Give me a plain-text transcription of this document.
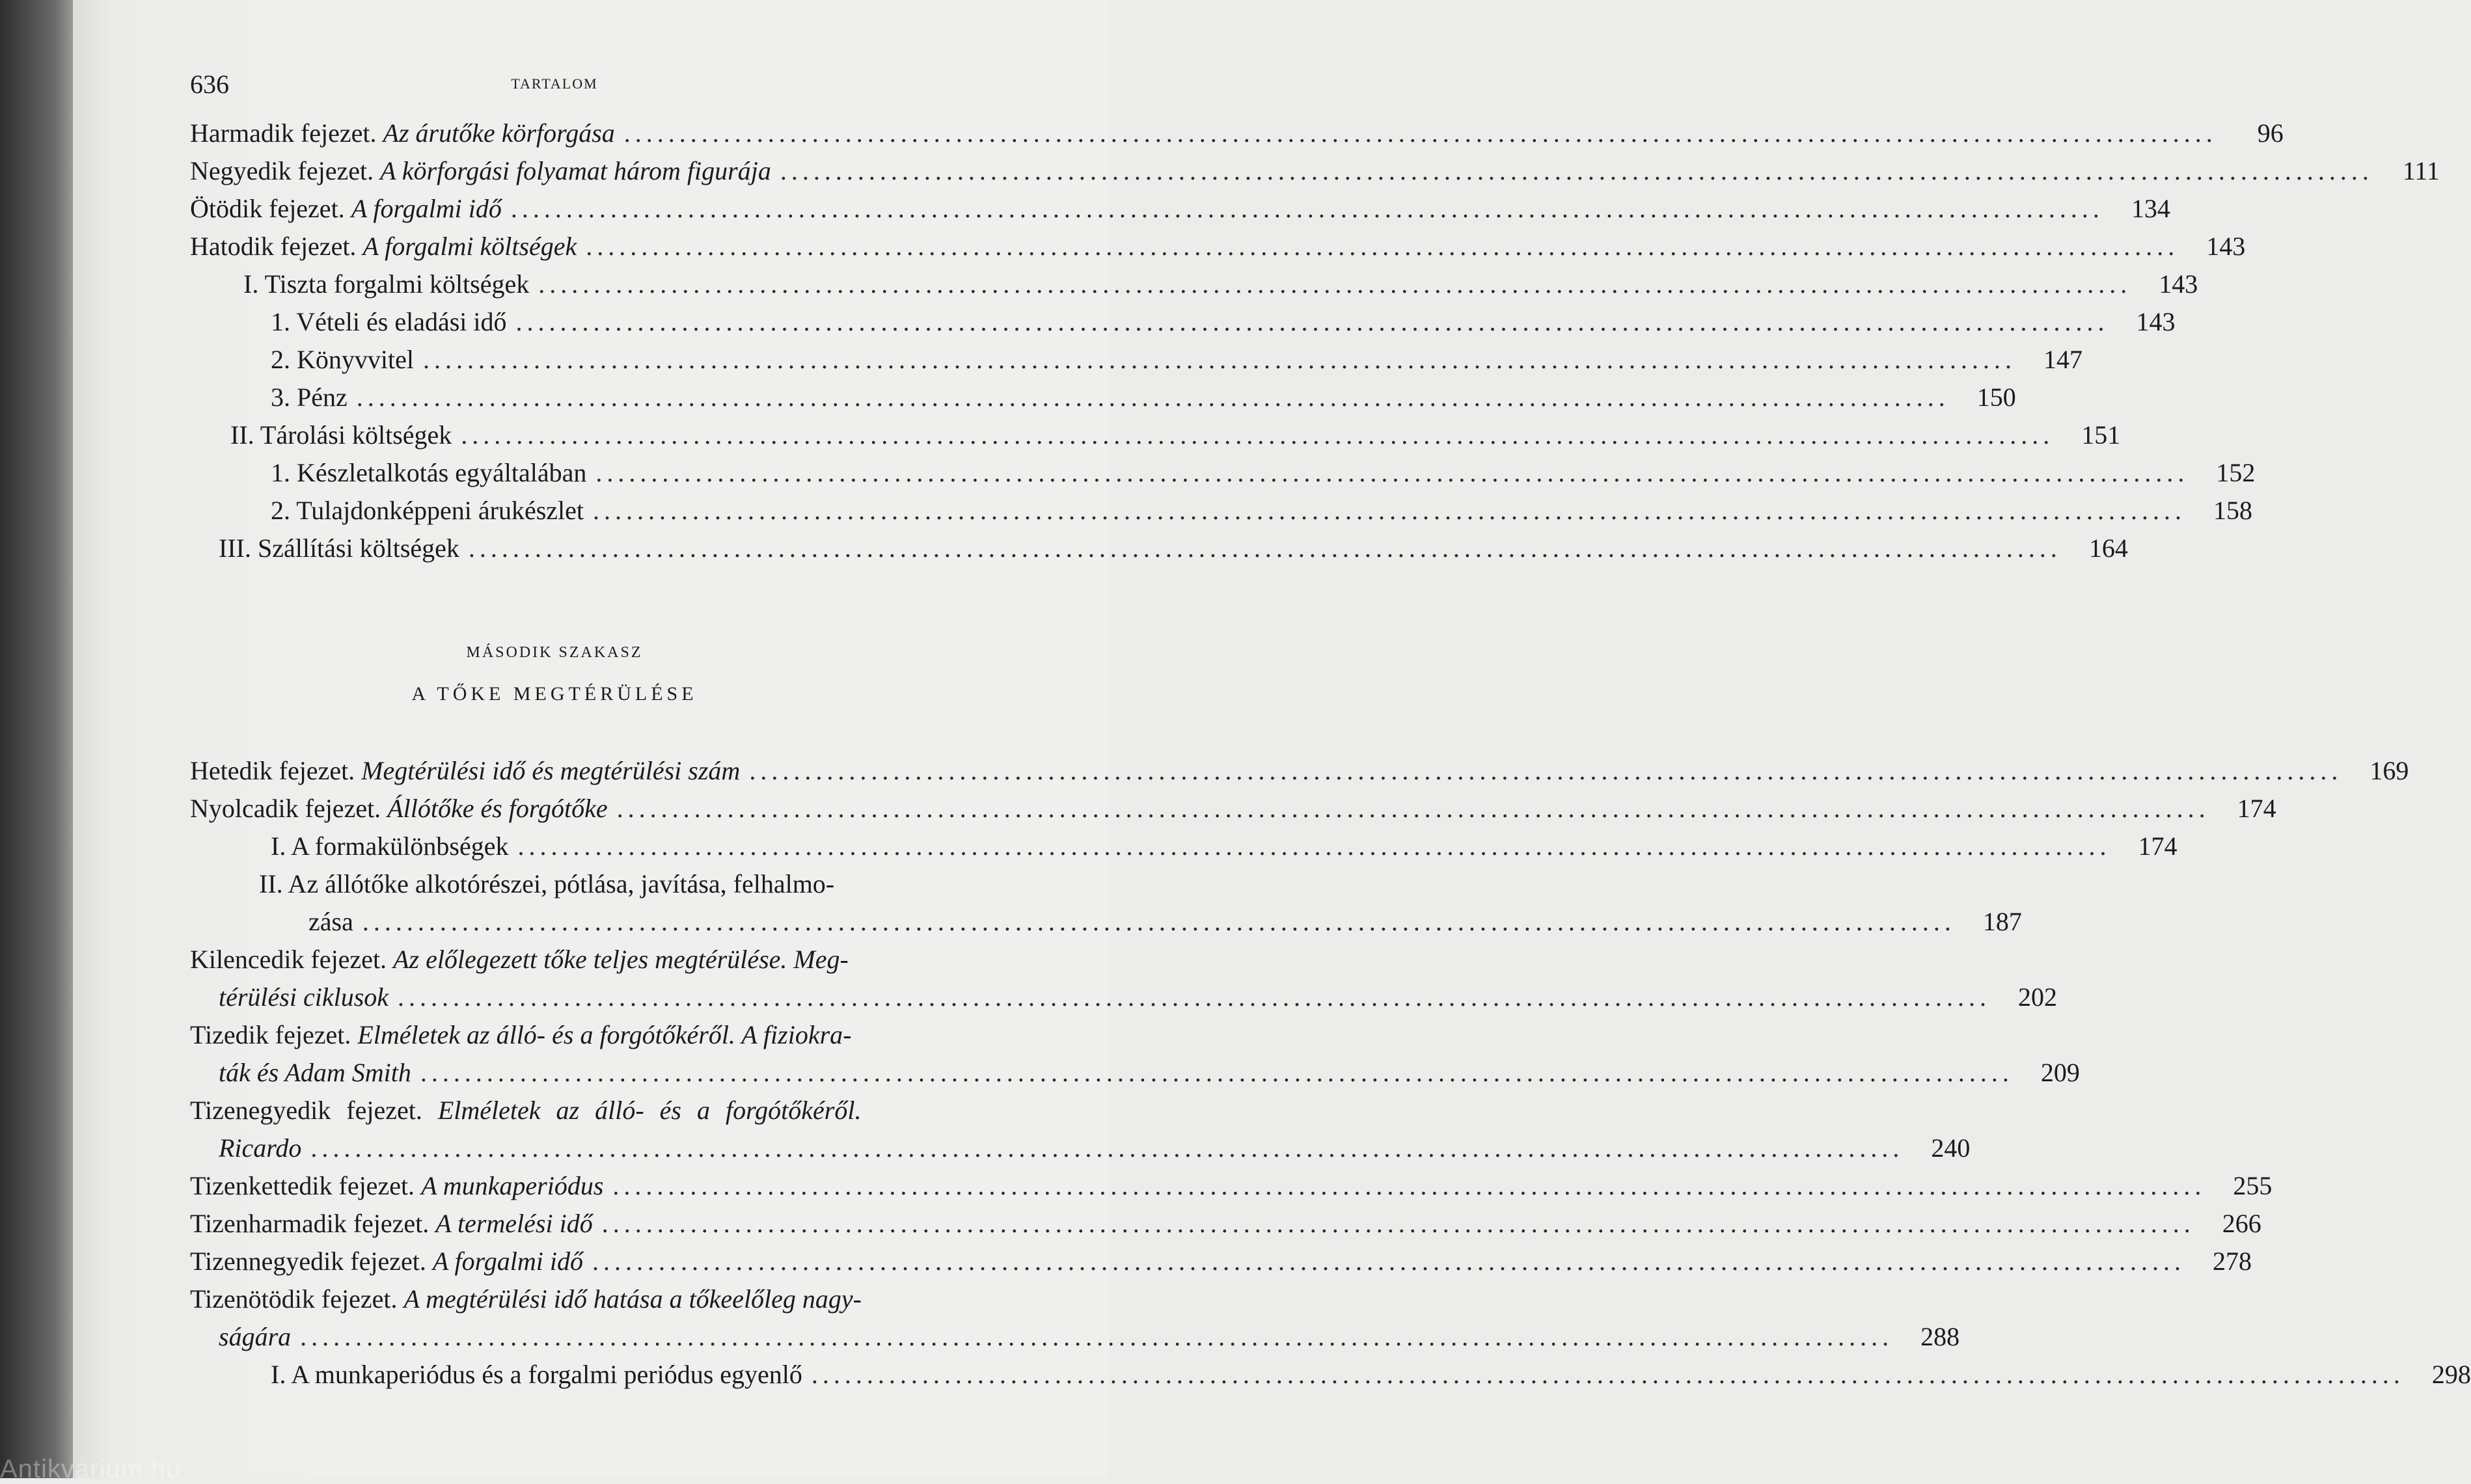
636	TARTALOM
Harmadik fejezet. Az árutőke körforgása ................................................................................................................................................	96
Negyedik fejezet. A körforgási folyamat három figurája ................................................................................................................................................	111
Ötödik fejezet. A forgalmi idő ................................................................................................................................................	134
Hatodik fejezet. A forgalmi költségek ................................................................................................................................................	143
I. Tiszta forgalmi költségek ................................................................................................................................................	143
1. Vételi és eladási idő ................................................................................................................................................	143
2. Könyvvitel ................................................................................................................................................	147
3. Pénz ................................................................................................................................................	150
II. Tárolási költségek ................................................................................................................................................	151
1. Készletalkotás egyáltalában ................................................................................................................................................	152
2. Tulajdonképpeni árukészlet ................................................................................................................................................	158
III. Szállítási költségek ................................................................................................................................................	164
MÁSODIK SZAKASZ
A TŐKE MEGTÉRÜLÉSE
Hetedik fejezet. Megtérülési idő és megtérülési szám ................................................................................................................................................	169
Nyolcadik fejezet. Állótőke és forgótőke ................................................................................................................................................	174
I. A formakülönbségek ................................................................................................................................................	174
II. Az állótőke alkotórészei, pótlása, javítása, felhalmo-
zása ................................................................................................................................................	187
Kilencedik fejezet. Az előlegezett tőke teljes megtérülése. Meg-
térülési ciklusok ................................................................................................................................................	202
Tizedik fejezet. Elméletek az álló- és a forgótőkéről. A fiziokra-
ták és Adam Smith ................................................................................................................................................	209
Tizenegyedik fejezet. Elméletek az álló- és a forgótőkéről.
Ricardo ................................................................................................................................................	240
Tizenkettedik fejezet. A munkaperiódus ................................................................................................................................................	255
Tizenharmadik fejezet. A termelési idő ................................................................................................................................................	266
Tizennegyedik fejezet. A forgalmi idő ................................................................................................................................................	278
Tizenötödik fejezet. A megtérülési idő hatása a tőkeelőleg nagy-
ságára ................................................................................................................................................	288
I. A munkaperiódus és a forgalmi periódus egyenlő ................................................................................................................................................	298
Antikvarium.hu
